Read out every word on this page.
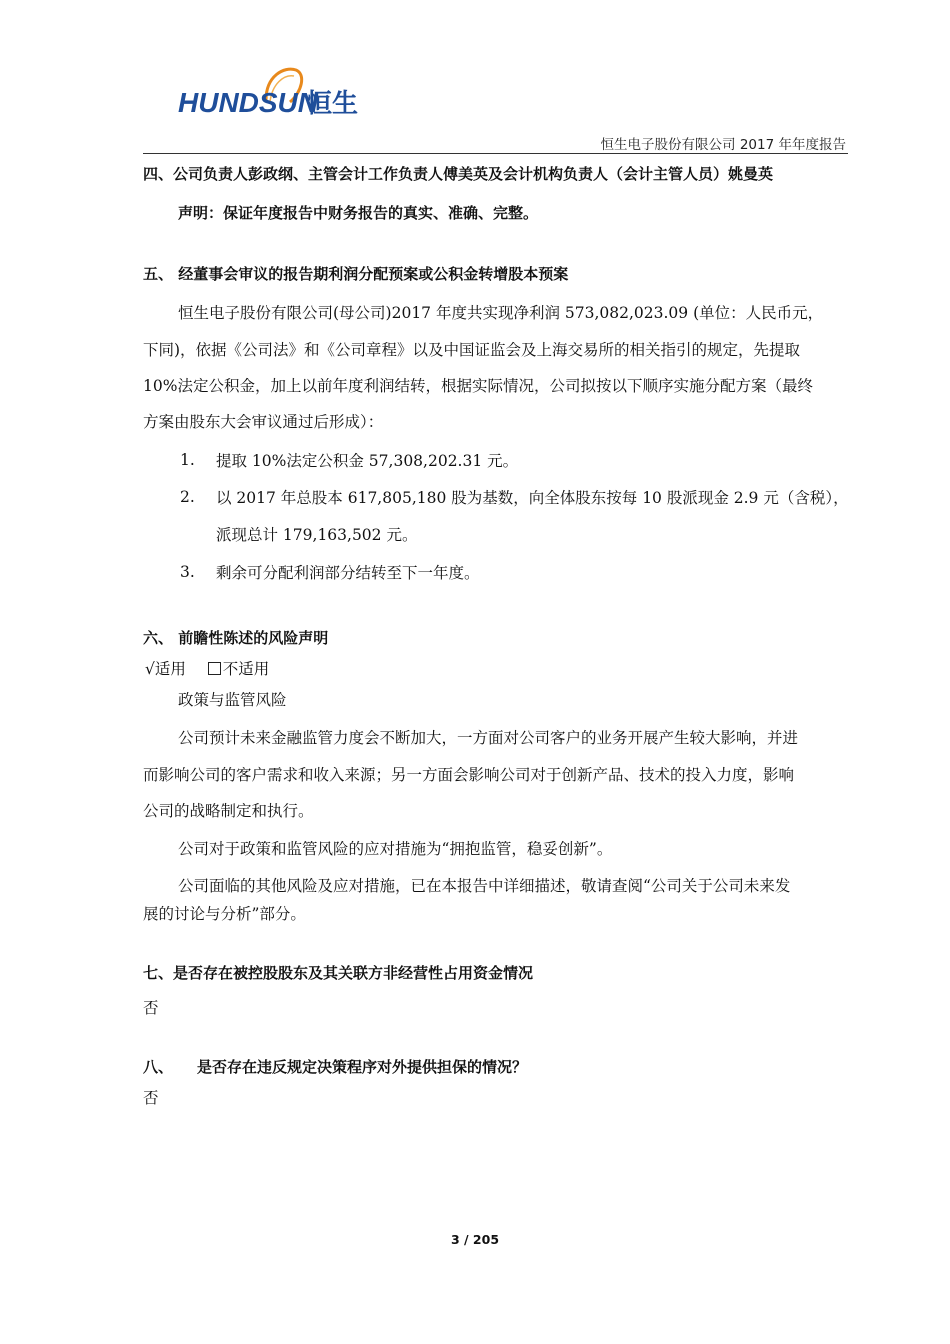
HUNDSUN
恒生
恒生电子股份有限公司 2017 年年度报告
四、公司负责人彭政纲、主管会计工作负责人傅美英及会计机构负责人（会计主管人员）姚曼英
声明：保证年度报告中财务报告的真实、准确、完整。
五、 经董事会审议的报告期利润分配预案或公积金转增股本预案
恒生电子股份有限公司(母公司)2017 年度共实现净利润 573,082,023.09 (单位：人民币元，
下同)，依据《公司法》和《公司章程》以及中国证监会及上海交易所的相关指引的规定，先提取
10%法定公积金，加上以前年度利润结转，根据实际情况，公司拟按以下顺序实施分配方案（最终
方案由股东大会审议通过后形成）：
1. 提取 10%法定公积金 57,308,202.31 元。
2. 以 2017 年总股本 617,805,180 股为基数，向全体股东按每 10 股派现金 2.9 元（含税），
派现总计 179,163,502 元。
3. 剩余可分配利润部分结转至下一年度。
六、 前瞻性陈述的风险声明
√适用 不适用
政策与监管风险
公司预计未来金融监管力度会不断加大，一方面对公司客户的业务开展产生较大影响，并进
而影响公司的客户需求和收入来源；另一方面会影响公司对于创新产品、技术的投入力度，影响
公司的战略制定和执行。
公司对于政策和监管风险的应对措施为“拥抱监管，稳妥创新”。
公司面临的其他风险及应对措施，已在本报告中详细描述，敬请查阅“公司关于公司未来发
展的讨论与分析”部分。
七、是否存在被控股股东及其关联方非经营性占用资金情况
否
八、 是否存在违反规定决策程序对外提供担保的情况？
否
3 / 205
